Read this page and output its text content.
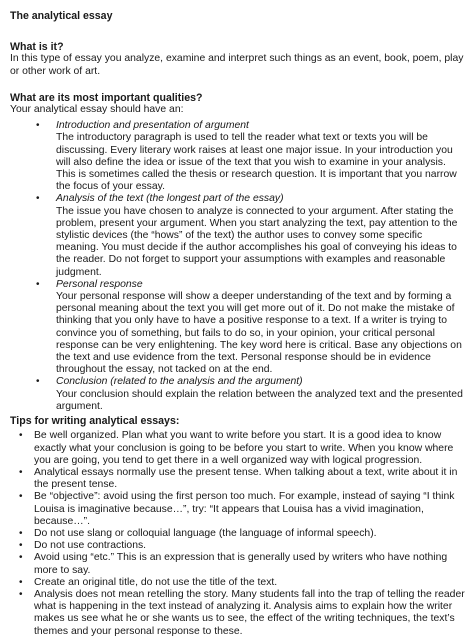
The analytical essay
What is it?

In this type of essay you analyze, examine and interpret such things as an event, book, poem, play or other work of art.

What are its most important qualities?

Your analytical essay should have an:

• Introduction and presentation of argument
The introductory paragraph is used to tell the reader what text or texts you will be discussing. Every literary work raises at least one major issue. In your introduction you will also define the idea or issue of the text that you wish to examine in your analysis. This is sometimes called the thesis or research question. It is important that you narrow the focus of your essay.
• Analysis of the text (the longest part of the essay)
The issue you have chosen to analyze is connected to your argument. After stating the problem, present your argument. When you start analyzing the text, pay attention to the stylistic devices (the “hows” of the text) the author uses to convey some specific meaning. You must decide if the author accomplishes his goal of conveying his ideas to the reader. Do not forget to support your assumptions with examples and reasonable judgment.
• Personal response
Your personal response will show a deeper understanding of the text and by forming a personal meaning about the text you will get more out of it. Do not make the mistake of thinking that you only have to have a positive response to a text. If a writer is trying to convince you of something, but fails to do so, in your opinion, your critical personal response can be very enlightening. The key word here is critical. Base any objections on the text and use evidence from the text. Personal response should be in evidence throughout the essay, not tacked on at the end.
• Conclusion (related to the analysis and the argument)
Your conclusion should explain the relation between the analyzed text and the presented argument.
Tips for writing analytical essays:
• Be well organized. Plan what you want to write before you start. It is a good idea to know exactly what your conclusion is going to be before you start to write. When you know where you are going, you tend to get there in a well organized way with logical progression.
• Analytical essays normally use the present tense. When talking about a text, write about it in the present tense.
• Be “objective”: avoid using the first person too much. For example, instead of saying “I think Louisa is imaginative because…”, try: “It appears that Louisa has a vivid imagination, because…”.
• Do not use slang or colloquial language (the language of informal speech).
• Do not use contractions.
• Avoid using “etc.” This is an expression that is generally used by writers who have nothing more to say.
• Create an original title, do not use the title of the text.
• Analysis does not mean retelling the story. Many students fall into the trap of telling the reader what is happening in the text instead of analyzing it. Analysis aims to explain how the writer makes us see what he or she wants us to see, the effect of the writing techniques, the text’s themes and your personal response to these.
